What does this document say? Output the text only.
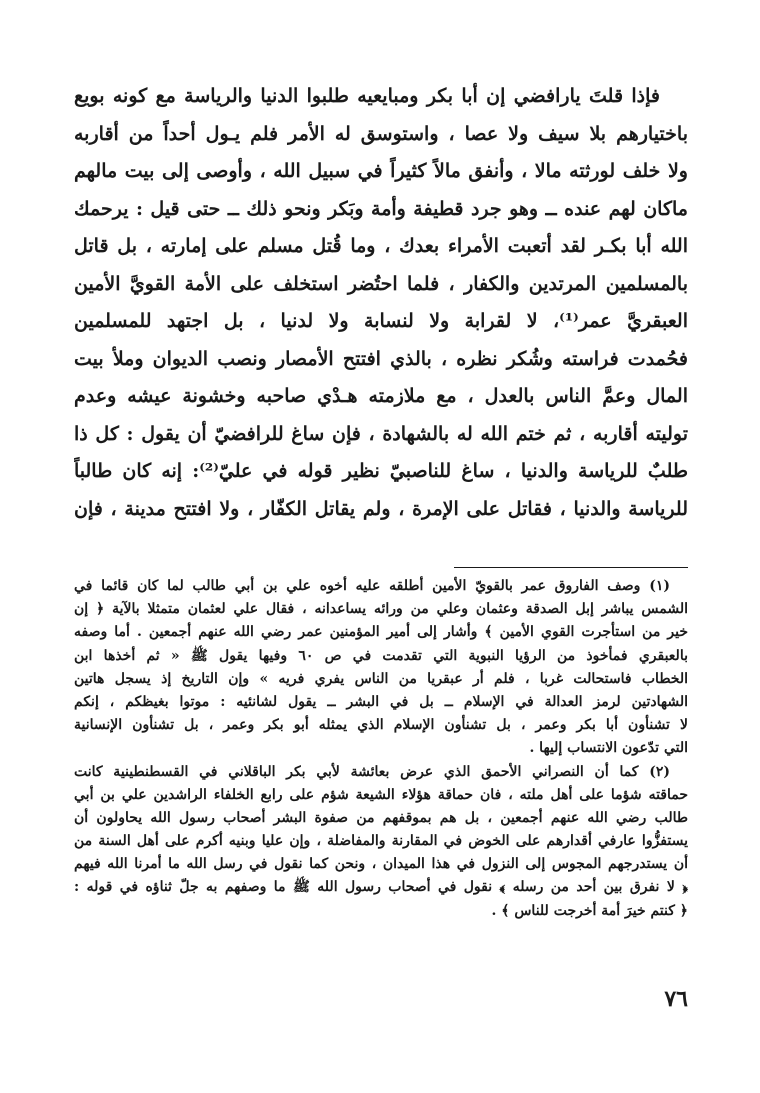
فإذا قلتَ يارافضي إن أبا بكر ومبايعيه طلبوا الدنيا والرياسة مع كونه بويع
باختيارهم بلا سيف ولا عصا ، واستوسق له الأمر فلم يـول أحداً من أقاربه
ولا خلف لورثته مالا ، وأنفق مالاً كثيراً في سبيل الله ، وأوصى إلى بيت مالهم
ماكان لهم عنده ــ وهو جرد قطيفة وأمة وبَكر ونحو ذلك ــ حتى قيل : يرحمك
الله أبا بكـر لقد أتعبت الأمراء بعدك ، وما قُتل مسلم على إمارته ، بل قاتل
بالمسلمين المرتدين والكفار ، فلما احتُضر استخلف على الأمة القويَّ الأمين
العبقريَّ عمر⁽¹⁾، لا لقرابة ولا لنسابة ولا لدنيا ، بل اجتهد للمسلمين
فحُمدت فراسته وشُكر نظره ، بالذي افتتح الأمصار ونصب الديوان وملأ بيت
المال وعمَّ الناس بالعدل ، مع ملازمته هـدْي صاحبه وخشونة عيشه وعدم
توليته أقاربه ، ثم ختم الله له بالشهادة ، فإن ساغ للرافضيّ أن يقول : كل ذا
طلبٌ للرياسة والدنيا ، ساغ للناصبيّ نظير قوله في عليّ⁽²⁾: إنه كان طالباً
للرياسة والدنيا ، فقاتل على الإمرة ، ولم يقاتل الكفّار ، ولا افتتح مدينة ، فإن
(١) وصف الفاروق عمر بالقويّ الأمين أطلقه عليه أخوه علي بن أبي طالب لما كان قائما في
الشمس يباشر إبل الصدقة وعثمان وعلي من ورائه يساعدانه ، فقال علي لعثمان متمثلا بالآية ﴿ إن
خير من استأجرت القوي الأمين ﴾ وأشار إلى أمير المؤمنين عمر رضي الله عنهم أجمعين . أما وصفه
بالعبقري فمأخوذ من الرؤيا النبوية التي تقدمت في ص ٦٠ وفيها يقول ﷺ « ثم أخذها ابن
الخطاب فاستحالت غربا ، فلم أر عبقريا من الناس يفري فريه » وإن التاريخ إذ يسجل هاتين
الشهادتين لرمز العدالة في الإسلام ــ بل في البشر ــ يقول لشانئيه : موتوا بغيظكم ، إنكم
لا تشنأون أبا بكر وعمر ، بل تشنأون الإسلام الذي يمثله أبو بكر وعمر ، بل تشنأون الإنسانية
التي تدّعون الانتساب إليها .
(٢) كما أن النصراني الأحمق الذي عرض بعائشة لأبي بكر الباقلاني في القسطنطينية كانت
حماقته شؤما على أهل ملته ، فان حماقة هؤلاء الشيعة شؤم على رابع الخلفاء الراشدين علي بن أبي
طالب رضي الله عنهم أجمعين ، بل هم بموقفهم من صفوة البشر أصحاب رسول الله يحاولون أن
يستفزُّوا عارفي أقدارهم على الخوض في المقارنة والمفاضلة ، وإن عليا وبنيه أكرم على أهل السنة من
أن يستدرجهم المجوس إلى النزول في هذا الميدان ، ونحن كما نقول في رسل الله ما أمرنا الله فيهم
﴿ لا نفرق بين أحد من رسله ﴾ نقول في أصحاب رسول الله ﷺ ما وصفهم به جلّ ثناؤه في قوله :
﴿ كنتم خيرَ أمة أخرجت للناس ﴾ .
٧٦
